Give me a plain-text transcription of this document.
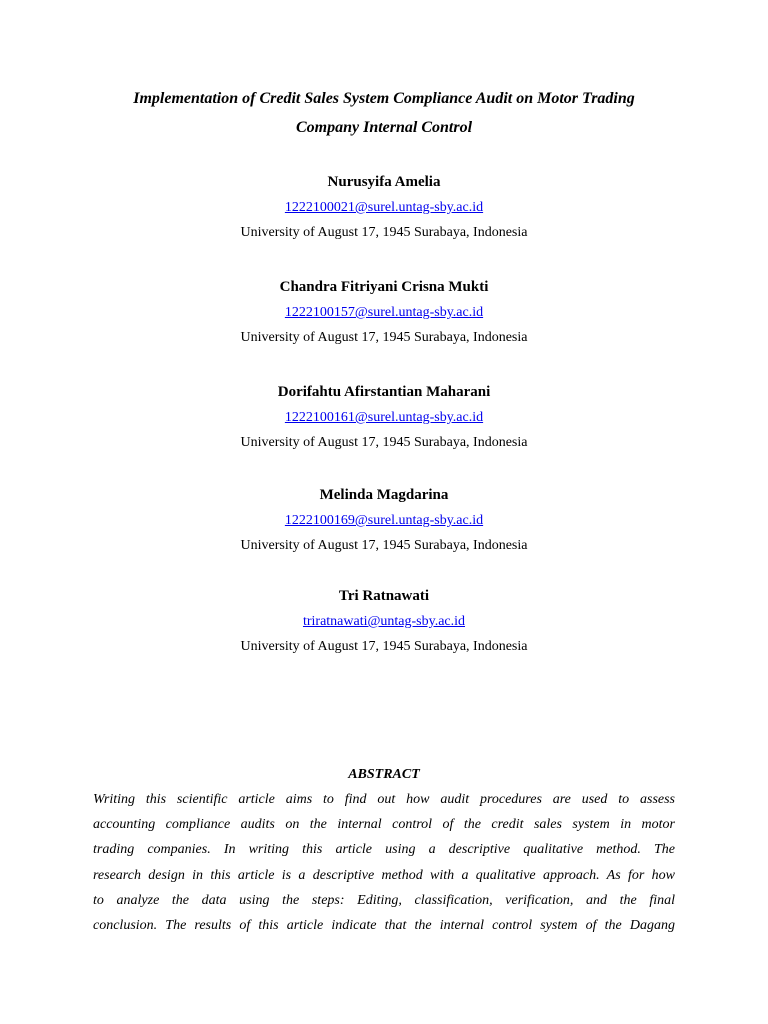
Implementation of Credit Sales System Compliance Audit on Motor Trading
Company Internal Control
Nurusyifa Amelia
1222100021@surel.untag-sby.ac.id
University of August 17, 1945 Surabaya, Indonesia
Chandra Fitriyani Crisna Mukti
1222100157@surel.untag-sby.ac.id
University of August 17, 1945 Surabaya, Indonesia
Dorifahtu Afirstantian Maharani
1222100161@surel.untag-sby.ac.id
University of August 17, 1945 Surabaya, Indonesia
Melinda Magdarina
1222100169@surel.untag-sby.ac.id
University of August 17, 1945 Surabaya, Indonesia
Tri Ratnawati
triratnawati@untag-sby.ac.id
University of August 17, 1945 Surabaya, Indonesia
ABSTRACT
Writing this scientific article aims to find out how audit procedures are used to assess
accounting compliance audits on the internal control of the credit sales system in motor
trading companies. In writing this article using a descriptive qualitative method. The
research design in this article is a descriptive method with a qualitative approach. As for how
to analyze the data using the steps: Editing, classification, verification, and the final
conclusion. The results of this article indicate that the internal control system of the Dagang
